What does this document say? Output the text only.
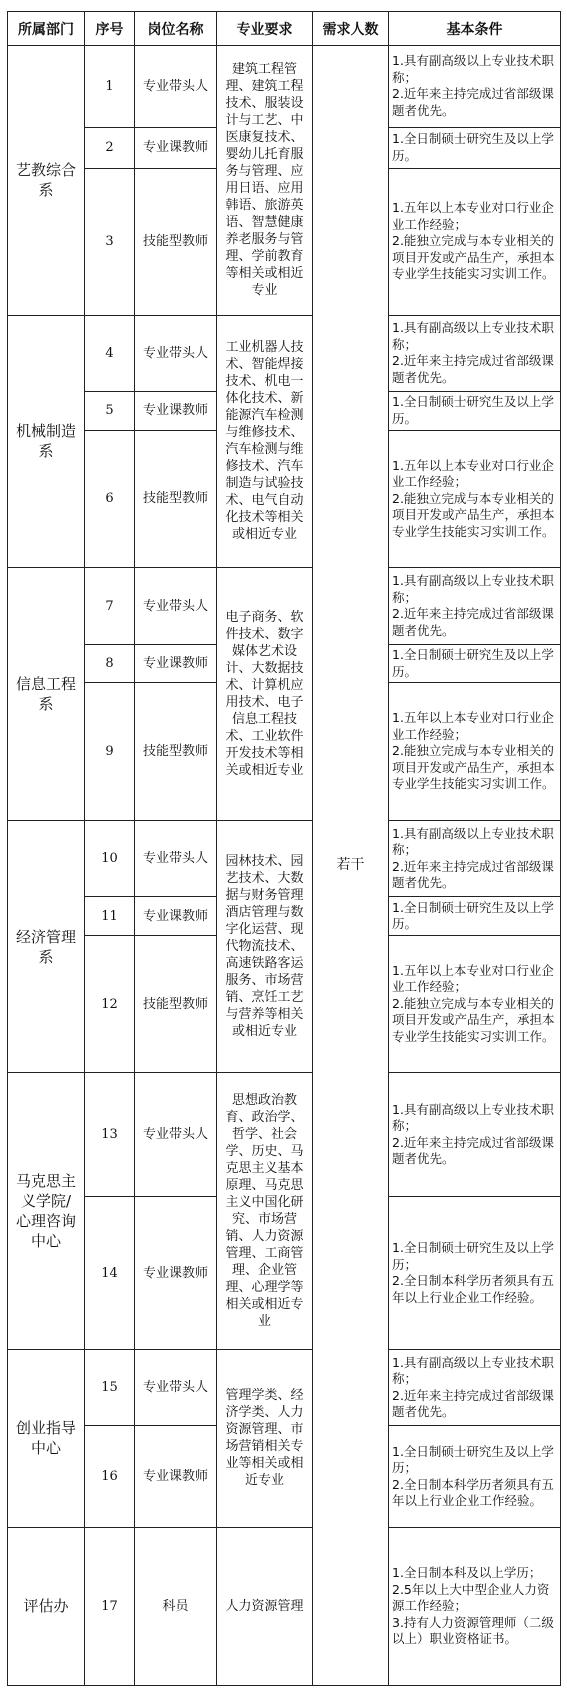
所属部门	序号	岗位名称	专业要求	需求人数	基本条件
艺教综合系	1	专业带头人	建筑工程管理、建筑工程技术、服装设计与工艺、中医康复技术、婴幼儿托育服务与管理、应用日语、应用韩语、旅游英语、智慧健康养老服务与管理、学前教育等相关或相近专业	若干	1.具有副高级以上专业技术职称；
2.近年来主持完成过省部级课题者优先。

	2	专业课教师			1.全日制硕士研究生及以上学历。

	3	技能型教师			1.五年以上本专业对口行业企业工作经验；
2.能独立完成与本专业相关的项目开发或产品生产，承担本专业学生技能实习实训工作。

机械制造系	4	专业带头人	工业机器人技术、智能焊接技术、机电一体化技术、新能源汽车检测与维修技术、汽车检测与维修技术、汽车制造与试验技术、电气自动化技术等相关或相近专业		1.具有副高级以上专业技术职称；
2.近年来主持完成过省部级课题者优先。

	5	专业课教师			1.全日制硕士研究生及以上学历。

	6	技能型教师			1.五年以上本专业对口行业企业工作经验；
2.能独立完成与本专业相关的项目开发或产品生产，承担本专业学生技能实习实训工作。

信息工程系	7	专业带头人	电子商务、软件技术、数字媒体艺术设计、大数据技术、计算机应用技术、电子信息工程技术、工业软件开发技术等相关或相近专业		1.具有副高级以上专业技术职称；
2.近年来主持完成过省部级课题者优先。

	8	专业课教师			1.全日制硕士研究生及以上学历。

	9	技能型教师			1.五年以上本专业对口行业企业工作经验；
2.能独立完成与本专业相关的项目开发或产品生产，承担本专业学生技能实习实训工作。

经济管理系	10	专业带头人	园林技术、园艺技术、大数据与财务管理酒店管理与数字化运营、现代物流技术、高速铁路客运服务、市场营销、烹饪工艺与营养等相关或相近专业		1.具有副高级以上专业技术职称；
2.近年来主持完成过省部级课题者优先。

	11	专业课教师			1.全日制硕士研究生及以上学历。

	12	技能型教师			1.五年以上本专业对口行业企业工作经验；
2.能独立完成与本专业相关的项目开发或产品生产，承担本专业学生技能实习实训工作。

马克思主义学院/心理咨询中心	13	专业带头人	思想政治教育、政治学、哲学、社会学、历史、马克思主义基本原理、马克思主义中国化研究、市场营销、人力资源管理、工商管理、企业管理、心理学等相关或相近专业		1.具有副高级以上专业技术职称；
2.近年来主持完成过省部级课题者优先。

	14	专业课教师			1.全日制硕士研究生及以上学历；
2.全日制本科学历者须具有五年以上行业企业工作经验。

创业指导中心	15	专业带头人	管理学类、经济学类、人力资源管理、市场营销相关专业等相关或相近专业		1.具有副高级以上专业技术职称；
2.近年来主持完成过省部级课题者优先。

	16	专业课教师			1.全日制硕士研究生及以上学历；
2.全日制本科学历者须具有五年以上行业企业工作经验。

评估办	17	科员	人力资源管理		1.全日制本科及以上学历；
2.5年以上大中型企业人力资源工作经验；
3.持有人力资源管理师（二级以上）职业资格证书。
